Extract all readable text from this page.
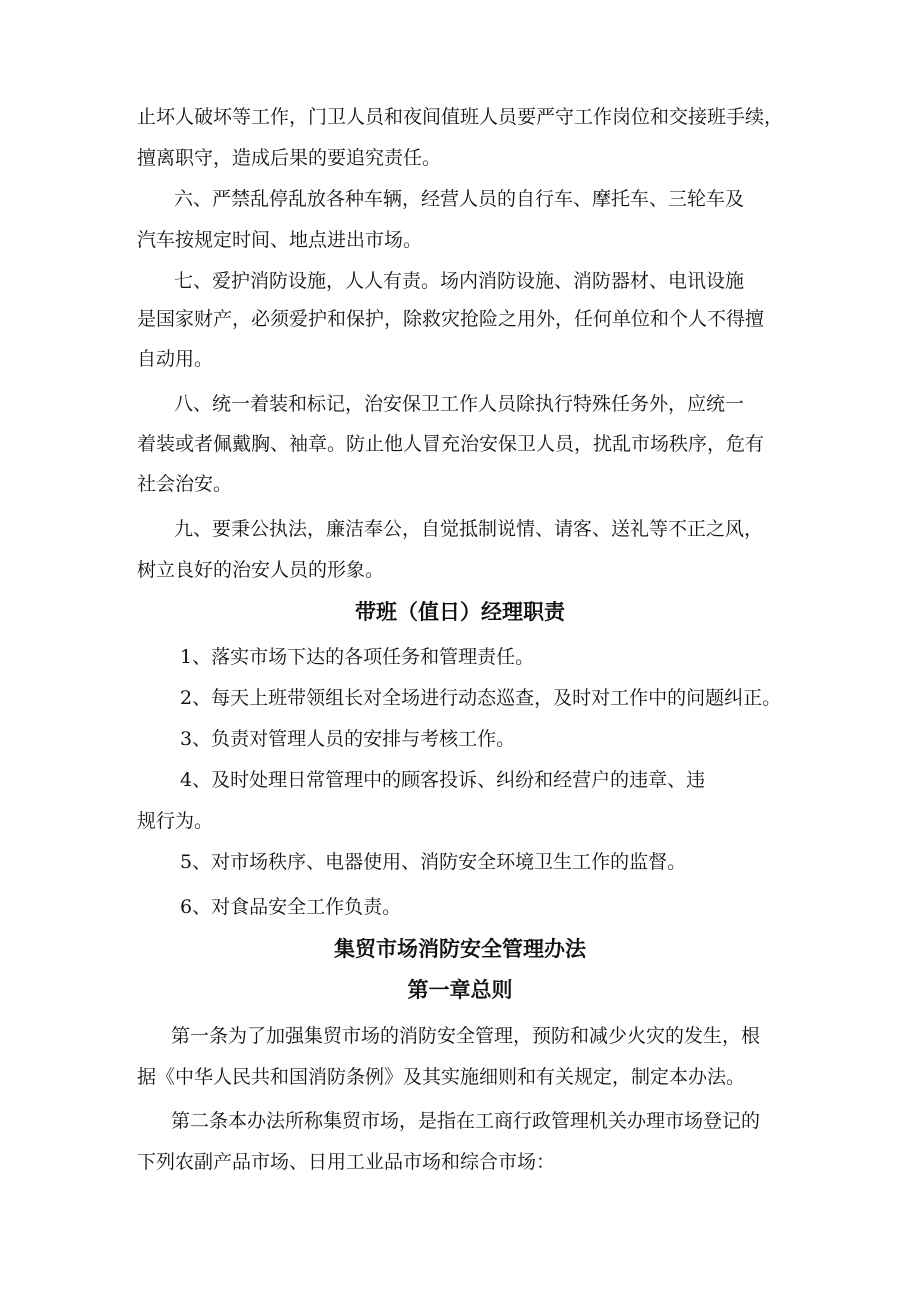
止坏人破坏等工作，门卫人员和夜间值班人员要严守工作岗位和交接班手续，

擅离职守，造成后果的要追究责任。

六、严禁乱停乱放各种车辆，经营人员的自行车、摩托车、三轮车及

汽车按规定时间、地点进出市场。

七、爱护消防设施，人人有责。场内消防设施、消防器材、电讯设施

是国家财产，必须爱护和保护，除救灾抢险之用外，任何单位和个人不得擅

自动用。

八、统一着装和标记，治安保卫工作人员除执行特殊任务外，应统一

着装或者佩戴胸、袖章。防止他人冒充治安保卫人员，扰乱市场秩序，危有

社会治安。

九、要秉公执法，廉洁奉公，自觉抵制说情、请客、送礼等不正之风，

树立良好的治安人员的形象。

带班（值日）经理职责

1、落实市场下达的各项任务和管理责任。

2、每天上班带领组长对全场进行动态巡查，及时对工作中的问题纠正。

3、负责对管理人员的安排与考核工作。

4、及时处理日常管理中的顾客投诉、纠纷和经营户的违章、违

规行为。

5、对市场秩序、电器使用、消防安全环境卫生工作的监督。

6、对食品安全工作负责。

集贸市场消防安全管理办法
第一章总则

第一条为了加强集贸市场的消防安全管理，预防和减少火灾的发生，根

据《中华人民共和国消防条例》及其实施细则和有关规定，制定本办法。

第二条本办法所称集贸市场，是指在工商行政管理机关办理市场登记的

下列农副产品市场、日用工业品市场和综合市场：
